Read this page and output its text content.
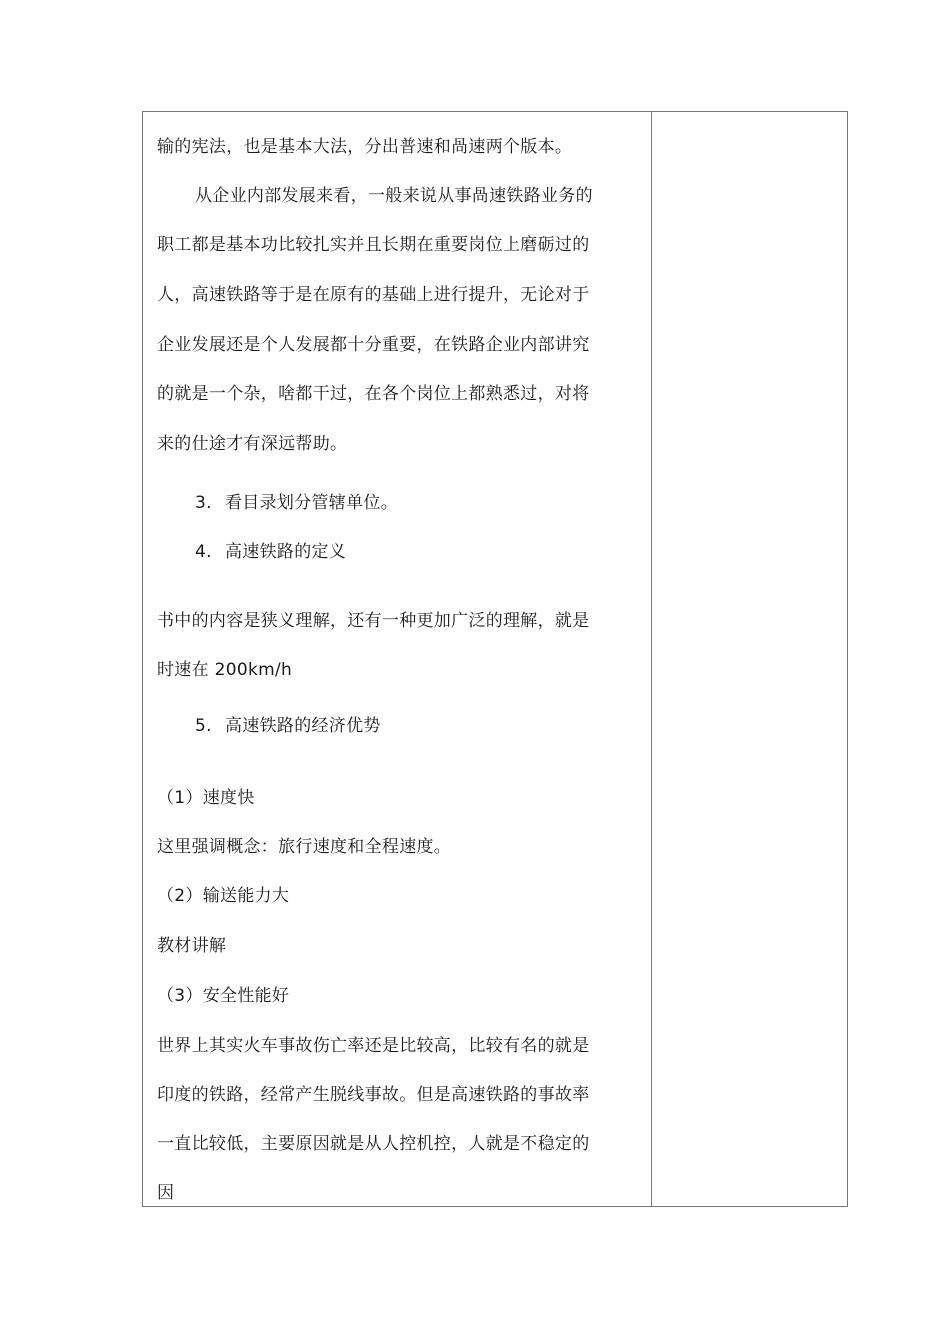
输的宪法，也是基本大法，分出普速和咼速两个版本。
从企业内部发展来看，一般来说从事咼速铁路业务的
职工都是基本功比较扎实并且长期在重要岗位上磨砺过的
人，高速铁路等于是在原有的基础上进行提升，无论对于
企业发展还是个人发展都十分重要，在铁路企业内部讲究
的就是一个杂，啥都干过，在各个岗位上都熟悉过，对将
来的仕途才有深远帮助。
3. 看目录划分管辖单位。
4. 高速铁路的定义
书中的内容是狭义理解，还有一种更加广泛的理解，就是
时速在 200km/h
5. 高速铁路的经济优势
（1）速度快
这里强调概念：旅行速度和全程速度。
（2）输送能力大
教材讲解
（3）安全性能好
世界上其实火车事故伤亡率还是比较高，比较有名的就是
印度的铁路，经常产生脱线事故。但是高速铁路的事故率
一直比较低，主要原因就是从人控机控，人就是不稳定的
因
